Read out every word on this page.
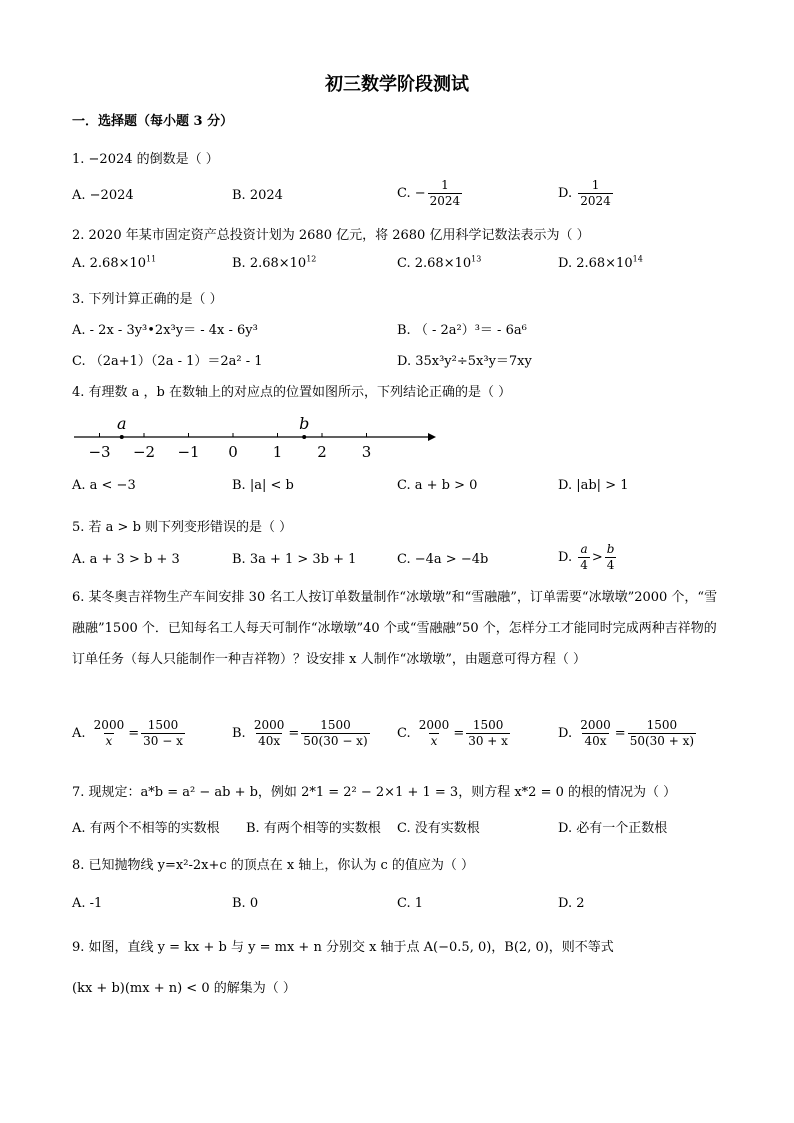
初三数学阶段测试
一．选择题（每小题 3 分）
1. −2024 的倒数是（ ）
A. −2024	B. 2024	C. − $\frac{1}{2024}$	D. $\frac{1}{2024}$
2. 2020 年某市固定资产总投资计划为 2680 亿元，将 2680 亿用科学记数法表示为（ ）
A. $2.68\times 10^{11}$	B. $2.68\times 10^{12}$	C. $2.68\times 10^{13}$	D. $2.68\times 10^{14}$
3. 下列计算正确的是（ ）
A. ‑ 2x ‑ 3y³•2x³y＝ ‑ 4x ‑ 6y³	B. （ ‑ 2a²）³＝ ‑ 6a⁶
C. （2a+1）（2a ‑ 1）＝2a² ‑ 1	D. 35x³y²÷5x³y＝7xy
4. 有理数 a ，b 在数轴上的对应点的位置如图所示，下列结论正确的是（ ）
−3 −2 −1 0 1 2 3
a	b
A. a < −3	B. |a| < b	C. a + b > 0	D. |ab| > 1
5. 若 a > b 则下列变形错误的是（ ）
A. a + 3 > b + 3	B. 3a + 1 > 3b + 1	C. −4a > −4b	D. $\frac{a}{4} > \frac{b}{4}$
6. 某冬奥吉祥物生产车间安排 30 名工人按订单数量制作“冰墩墩”和“雪融融”，订单需要“冰墩墩”2000 个，“雪融融”1500 个．已知每名工人每天可制作“冰墩墩”40 个或“雪融融”50 个，怎样分工才能同时完成两种吉祥物的订单任务（每人只能制作一种吉祥物）？设安排 x 人制作“冰墩墩”，由题意可得方程（ ）
A. $\frac{2000}{x} = \frac{1500}{30 - x}$	B. $\frac{2000}{40x} = \frac{1500}{50(30 - x)} C$. $\frac{2000}{x} = \frac{1500}{30 + x}$	D. $\frac{2000}{40x} = \frac{1500}{50(30 + x)}$
7. 现规定：a*b = a² − ab + b，例如 2*1 = 2² − 2×1 + 1 = 3，则方程 x*2 = 0 的根的情况为（ ）
A. 有两个不相等的实数根 B. 有两个相等的实数根 C. 没有实数根	D. 必有一个正数根
8. 已知抛物线 y=x²-2x+c 的顶点在 x 轴上，你认为 c 的值应为（ ）
A. -1	B. 0	C. 1	D. 2
9. 如图，直线 y = kx + b 与 y = mx + n 分别交 x 轴于点 A(−0.5, 0)，B(2, 0)，则不等式
(kx + b)(mx + n) < 0 的解集为（ ）
